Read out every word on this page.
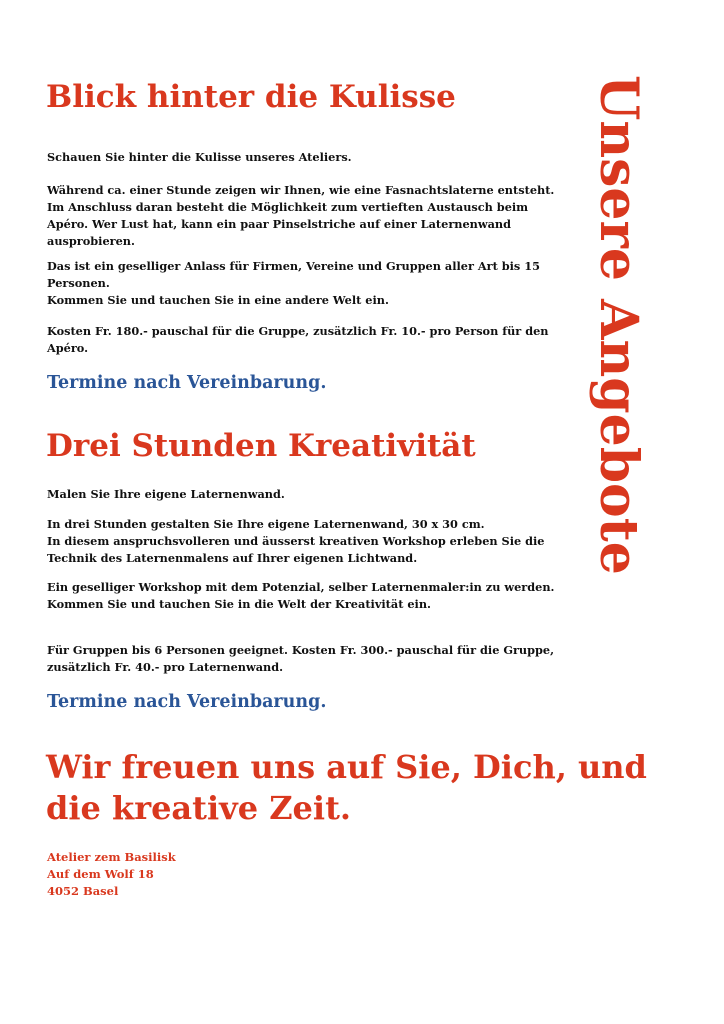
Unsere Angebote
Blick hinter die Kulisse

Schauen Sie hinter die Kulisse unseres Ateliers.

Während ca. einer Stunde zeigen wir Ihnen, wie eine Fasnachtslaterne entsteht.
Im Anschluss daran besteht die Möglichkeit zum vertieften Austausch beim Apéro. Wer Lust hat, kann ein paar Pinselstriche auf einer Laternenwand ausprobieren.

Das ist ein geselliger Anlass für Firmen, Vereine und Gruppen aller Art bis 15 Personen.
Kommen Sie und tauchen Sie in eine andere Welt ein.

Kosten Fr. 180.- pauschal für die Gruppe, zusätzlich Fr. 10.- pro Person für den Apéro.

Termine nach Vereinbarung.

Drei Stunden Kreativität

Malen Sie Ihre eigene Laternenwand.

In drei Stunden gestalten Sie Ihre eigene Laternenwand, 30 x 30 cm.
In diesem anspruchsvolleren und äusserst kreativen Workshop erleben Sie die Technik des Laternenmalens auf Ihrer eigenen Lichtwand.

Ein geselliger Workshop mit dem Potenzial, selber Laternenmaler:in zu werden.
Kommen Sie und tauchen Sie in die Welt der Kreativität ein.

Für Gruppen bis 6 Personen geeignet. Kosten Fr. 300.- pauschal für die Gruppe, zusätzlich Fr. 40.- pro Laternenwand.

Termine nach Vereinbarung.

Wir freuen uns auf Sie, Dich, und die kreative Zeit.
Atelier zem Basilisk
Auf dem Wolf 18
4052 Basel
